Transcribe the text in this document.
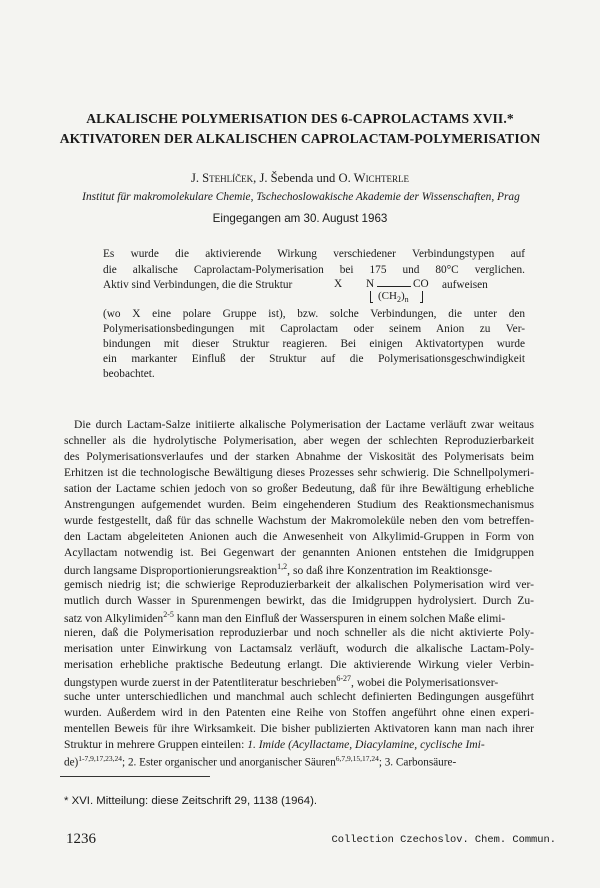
ALKALISCHE POLYMERISATION DES 6-CAPROLACTAMS XVII.*
AKTIVATOREN DER ALKALISCHEN CAPROLACTAM-POLYMERISATION
J. Stehlíček, J. Šebenda und O. Wichterle
Institut für makromolekulare Chemie, Tschechoslowakische Akademie der Wissenschaften, Prag
Eingegangen am 30. August 1963
Es wurde die aktivierende Wirkung verschiedener Verbindungstypen auf
die alkalische Caprolactam-Polymerisation bei 175 und 80°C verglichen.
Aktiv sind Verbindungen, die die Struktur	X N	CO
$(CH_2)_n$
aufweisen
(wo X eine polare Gruppe ist), bzw. solche Verbindungen, die unter den
Polymerisationsbedingungen mit Caprolactam oder seinem Anion zu Ver-
bindungen mit dieser Struktur reagieren. Bei einigen Aktivatortypen wurde
ein markanter Einfluß der Struktur auf die Polymerisationsgeschwindigkeit
beobachtet.
Die durch Lactam-Salze initiierte alkalische Polymerisation der Lactame verläuft zwar weitaus
schneller als die hydrolytische Polymerisation, aber wegen der schlechten Reproduzierbarkeit
des Polymerisationsverlaufes und der starken Abnahme der Viskosität des Polymerisats beim
Erhitzen ist die technologische Bewältigung dieses Prozesses sehr schwierig. Die Schnellpolymeri-
sation der Lactame schien jedoch von so großer Bedeutung, daß für ihre Bewältigung erhebliche
Anstrengungen aufgemendet wurden. Beim eingehenderen Studium des Reaktionsmechanismus
wurde festgestellt, daß für das schnelle Wachstum der Makromoleküle neben den vom betreffen-
den Lactam abgeleiteten Anionen auch die Anwesenheit von Alkylimid-Gruppen in Form von
Acyllactam notwendig ist. Bei Gegenwart der genannten Anionen entstehen die Imidgruppen
durch langsame Disproportionierungsreaktion$^{1,2}$, so daß ihre Konzentration im Reaktionsge-
gemisch niedrig ist; die schwierige Reproduzierbarkeit der alkalischen Polymerisation wird ver-
mutlich durch Wasser in Spurenmengen bewirkt, das die Imidgruppen hydrolysiert. Durch Zu-
satz von Alkylimiden$^{2-5}$ kann man den Einfluß der Wasserspuren in einem solchen Maße elimi-
nieren, daß die Polymerisation reproduzierbar und noch schneller als die nicht aktivierte Poly-
merisation unter Einwirkung von Lactamsalz verläuft, wodurch die alkalische Lactam-Poly-
merisation erhebliche praktische Bedeutung erlangt. Die aktivierende Wirkung vieler Verbin-
dungstypen wurde zuerst in der Patentliteratur beschrieben$^{6-27}$, wobei die Polymerisationsver-
suche unter unterschiedlichen und manchmal auch schlecht definierten Bedingungen ausgeführt
wurden. Außerdem wird in den Patenten eine Reihe von Stoffen angeführt ohne einen experi-
mentellen Beweis für ihre Wirksamkeit. Die bisher publizierten Aktivatoren kann man nach ihrer
Struktur in mehrere Gruppen einteilen: 1. Imide (Acyllactame, Diacylamine, cyclische Imi-
de)$^{1-7,9,17,23,24}$; 2. Ester organischer und anorganischer Säuren$^{6,7,9,15,17,24}$; 3. Carbonsäure-
* XVI. Mitteilung: diese Zeitschrift 29, 1138 (1964).
1236	Collection Czechoslov. Chem. Commun.
